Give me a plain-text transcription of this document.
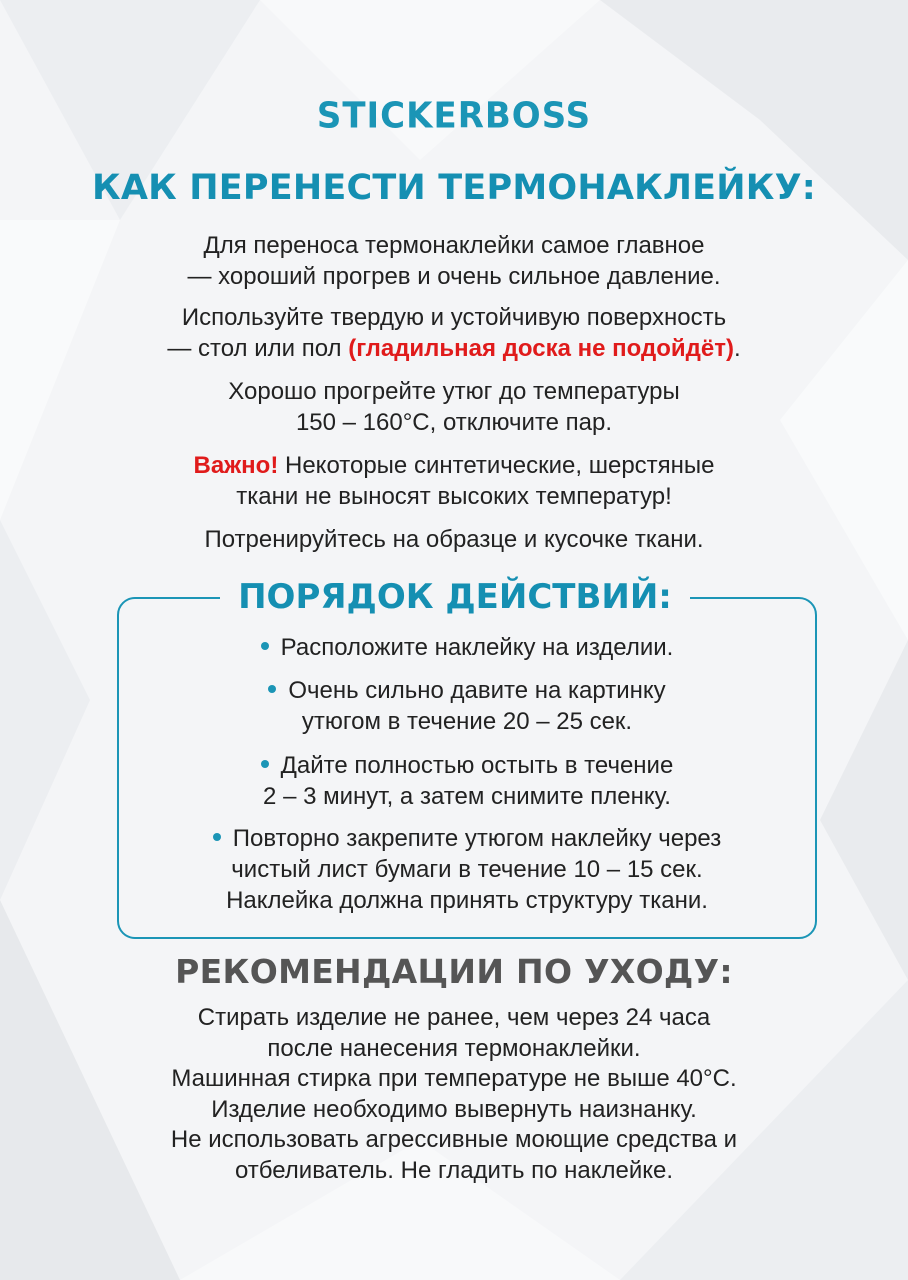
STICKERBOSS
КАК ПЕРЕНЕСТИ ТЕРМОНАКЛЕЙКУ:
Для переноса термонаклейки самое главное
— хороший прогрев и очень сильное давление.
Используйте твердую и устойчивую поверхность
— стол или пол (гладильная доска не подойдёт).
Хорошо прогрейте утюг до температуры
150 – 160°C, отключите пар.
Важно! Некоторые синтетические, шерстяные
ткани не выносят высоких температур!
Потренируйтесь на образце и кусочке ткани.
ПОРЯДОК ДЕЙСТВИЙ:
Расположите наклейку на изделии.
Очень сильно давите на картинку
утюгом в течение 20 – 25 сек.
Дайте полностью остыть в течение
2 – 3 минут, а затем снимите пленку.
Повторно закрепите утюгом наклейку через
чистый лист бумаги в течение 10 – 15 сек.
Наклейка должна принять структуру ткани.
РЕКОМЕНДАЦИИ ПО УХОДУ:
Стирать изделие не ранее, чем через 24 часа
после нанесения термонаклейки.
Машинная стирка при температуре не выше 40°C.
Изделие необходимо вывернуть наизнанку.
Не использовать агрессивные моющие средства и
отбеливатель. Не гладить по наклейке.
